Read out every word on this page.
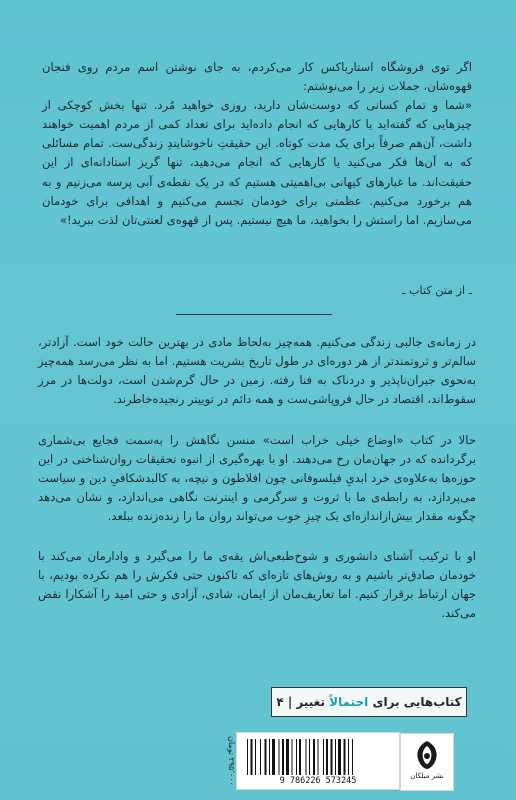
اگر توی فروشگاه استارباکس کار می‌کردم، به جای نوشتن اسم مردم روی فنجان قهوه‌شان، جملات زیر را می‌نوشتم:
«شما و تمام کسانی که دوست‌شان دارید، روزی خواهید مُرد. تنها بخش کوچکی از چیزهایی که گفته‌اید یا کارهایی که انجام داده‌اید برای تعداد کمی از مردم اهمیت خواهند داشت، آن‌هم صرفاً برای یک مدت کوتاه. این حقیقتِ ناخوشایندِ زندگی‌ست. تمام مسائلی که به آن‌ها فکر می‌کنید یا کارهایی که انجام می‌دهید، تنها گریز استادانه‌ای از این حقیقت‌اند. ما غبارهای کیهانی بی‌اهمیتی هستیم که در یک نقطه‌ی آبی پرسه می‌زنیم و به هم برخورد می‌کنیم. عظمتی برای خودمان تجسم می‌کنیم و اهدافی برای خودمان می‌سازیم. اما راستش را بخواهید، ما هیچ نیستیم. پس از قهوه‌ی لعنتی‌تان لذت ببرید!»

ـ از متن کتاب ـ

در زمانه‌ی جالبی زندگی می‌کنیم. همه‌چیز به‌لحاظ مادی در بهترین حالت خود است. آزادتر، سالم‌تر و ثروتمندتر از هر دوره‌ای در طول تاریخ بشریت هستیم. اما به نظر می‌رسد همه‌چیز به‌نحوی جبران‌ناپذیر و دردناک به فنا رفته. زمین در حال گرم‌شدن است، دولت‌ها در مرز سقوط‌اند، اقتصاد در حال فروپاشی‌ست و همه دائم در توییتر رنجیده‌خاطرند.

حالا در کتاب «اوضاع خیلی خراب است» منسن نگاهش را به‌سمت فجایع بی‌شماری برگردانده که در جهان‌مان رخ می‌دهند. او با بهره‌گیری از انبوه تحقیقات روان‌شناختی در این حوزه‌ها به‌علاوه‌ی خرد ابدیِ فیلسوفانی چون افلاطون و نیچه، به کالبدشکافیِ دین و سیاست می‌پردازد، به رابطه‌ی ما با ثروت و سرگرمی و اینترنت نگاهی می‌اندازد، و نشان می‌دهد چگونه مقدار بیش‌ازاندازه‌ای یک چیزِ خوب می‌تواند روان ما را زنده‌زنده ببلعد.

او با ترکیب آشنای دانشوری و شوخ‌طبعی‌اش یقه‌ی ما را می‌گیرد و وادارمان می‌کند با خودمان صادق‌تر باشیم و به روش‌های تازه‌ای که تاکنون حتی فکرش را هم نکرده بودیم، با جهان ارتباط برقرار کنیم. اما تعاریف‌مان از ایمان، شادی، آزادی و حتی امید را آشکارا نقض می‌کند.

کتاب‌هایی برای

احتمالاً

تغییر | ۴
۲۹۵٬۰۰۰ تومان	9 786226 573245	نشر میلکان
